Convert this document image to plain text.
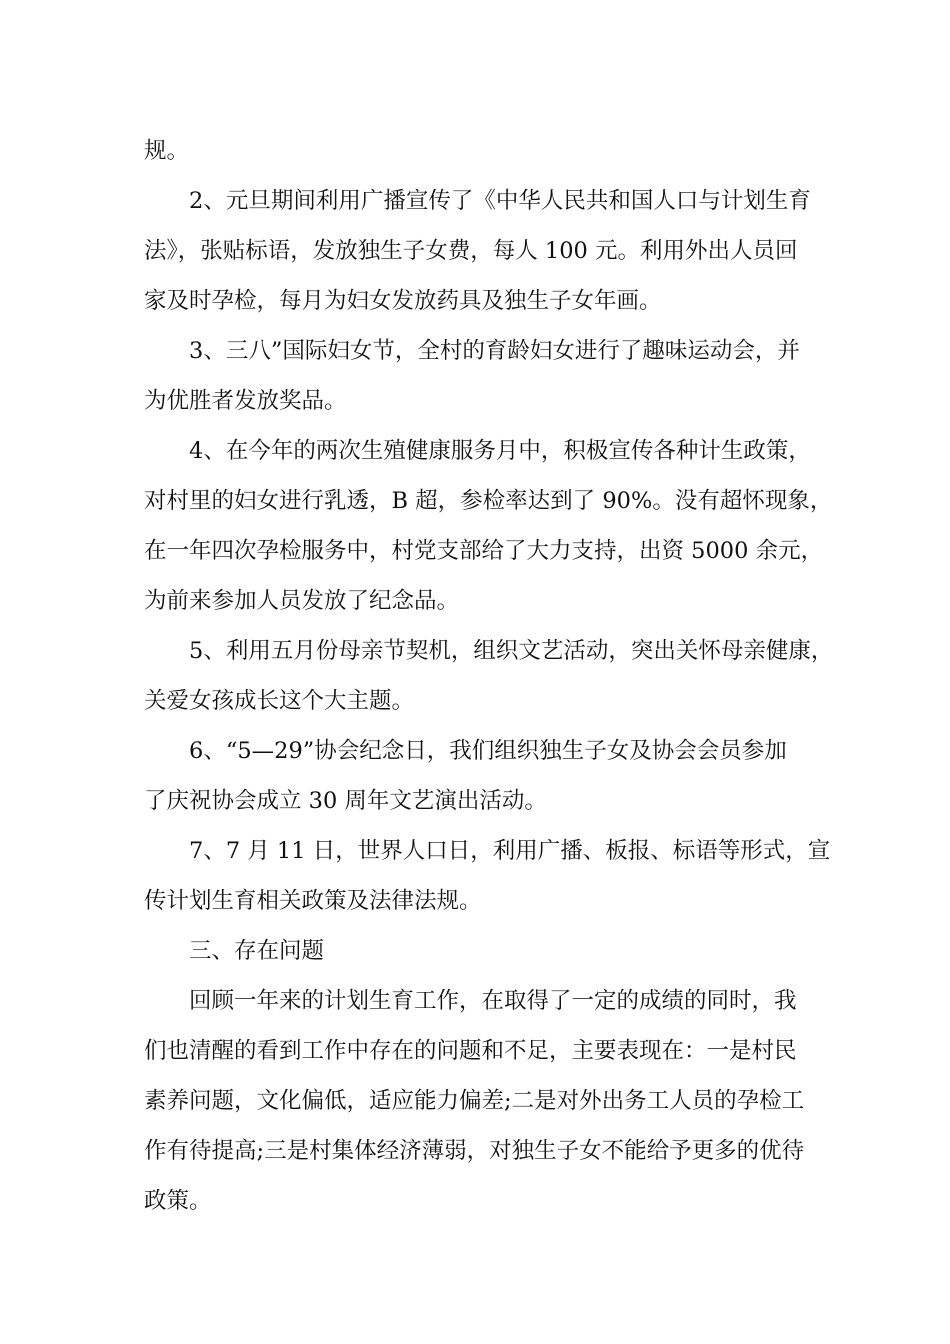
规。
2、元旦期间利用广播宣传了《中华人民共和国人口与计划生育
法》，张贴标语，发放独生子女费，每人 100 元。利用外出人员回
家及时孕检，每月为妇女发放药具及独生子女年画。
3、三八”国际妇女节，全村的育龄妇女进行了趣味运动会，并
为优胜者发放奖品。
4、在今年的两次生殖健康服务月中，积极宣传各种计生政策，
对村里的妇女进行乳透，B 超，参检率达到了 90%。没有超怀现象，
在一年四次孕检服务中，村党支部给了大力支持，出资 5000 余元，
为前来参加人员发放了纪念品。
5、利用五月份母亲节契机，组织文艺活动，突出关怀母亲健康，
关爱女孩成长这个大主题。
6、“5—29”协会纪念日，我们组织独生子女及协会会员参加
了庆祝协会成立 30 周年文艺演出活动。
7、7 月 11 日，世界人口日，利用广播、板报、标语等形式，宣
传计划生育相关政策及法律法规。
三、存在问题
回顾一年来的计划生育工作，在取得了一定的成绩的同时，我
们也清醒的看到工作中存在的问题和不足，主要表现在：一是村民
素养问题，文化偏低，适应能力偏差;二是对外出务工人员的孕检工
作有待提高;三是村集体经济薄弱，对独生子女不能给予更多的优待
政策。
